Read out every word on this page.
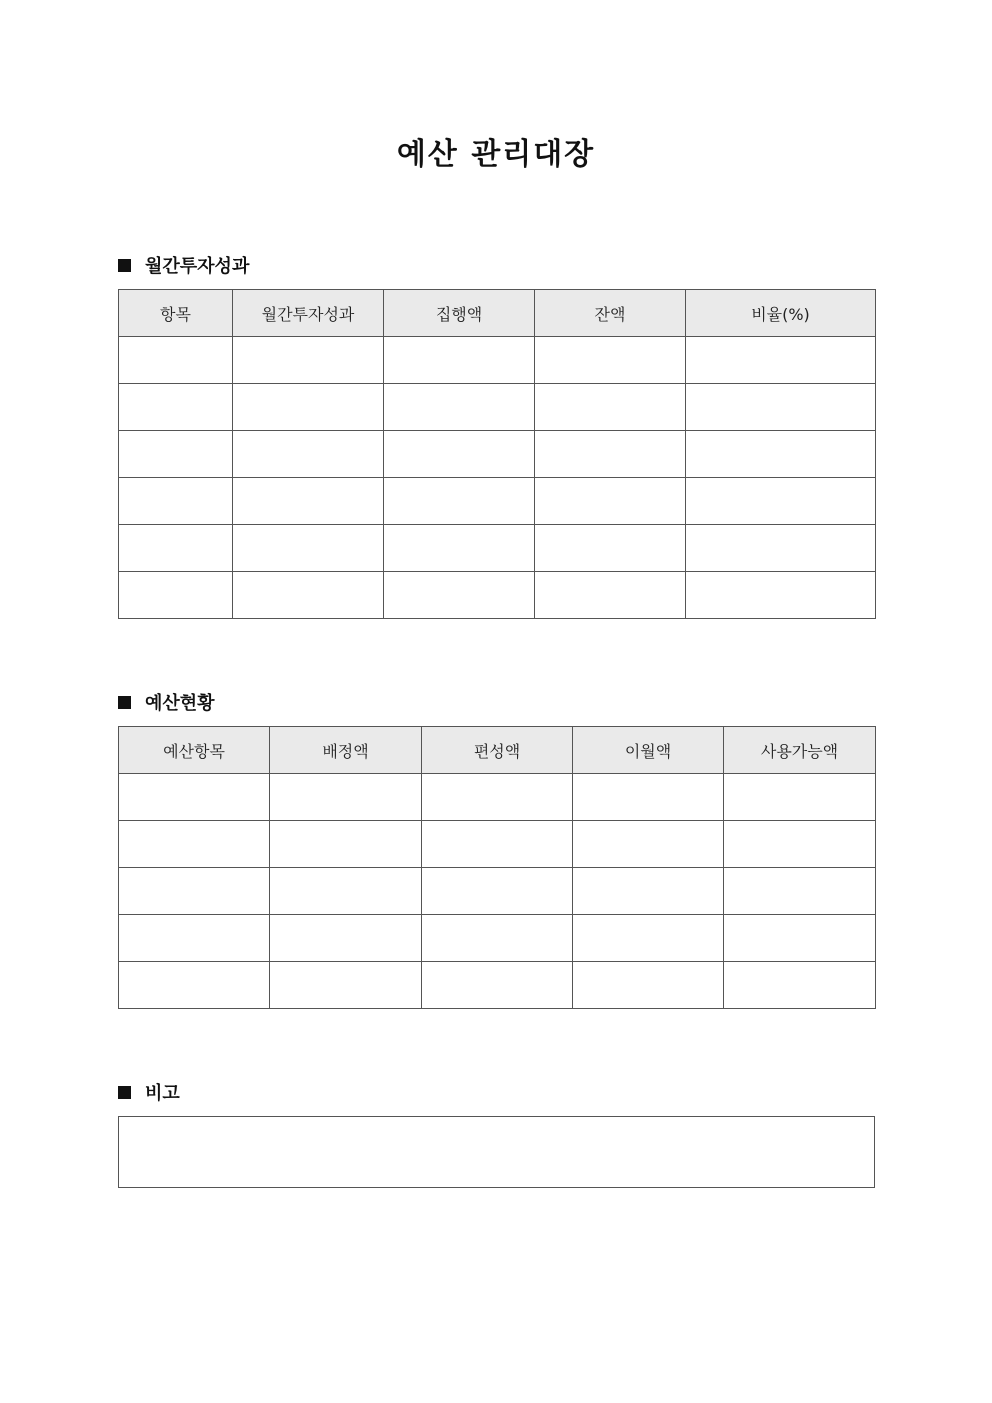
예산 관리대장
월간투자성과
항목	월간투자성과	집행액	잔액	비율(%)

예산현황
예산항목	배정액	편성액	이월액	사용가능액

비고
